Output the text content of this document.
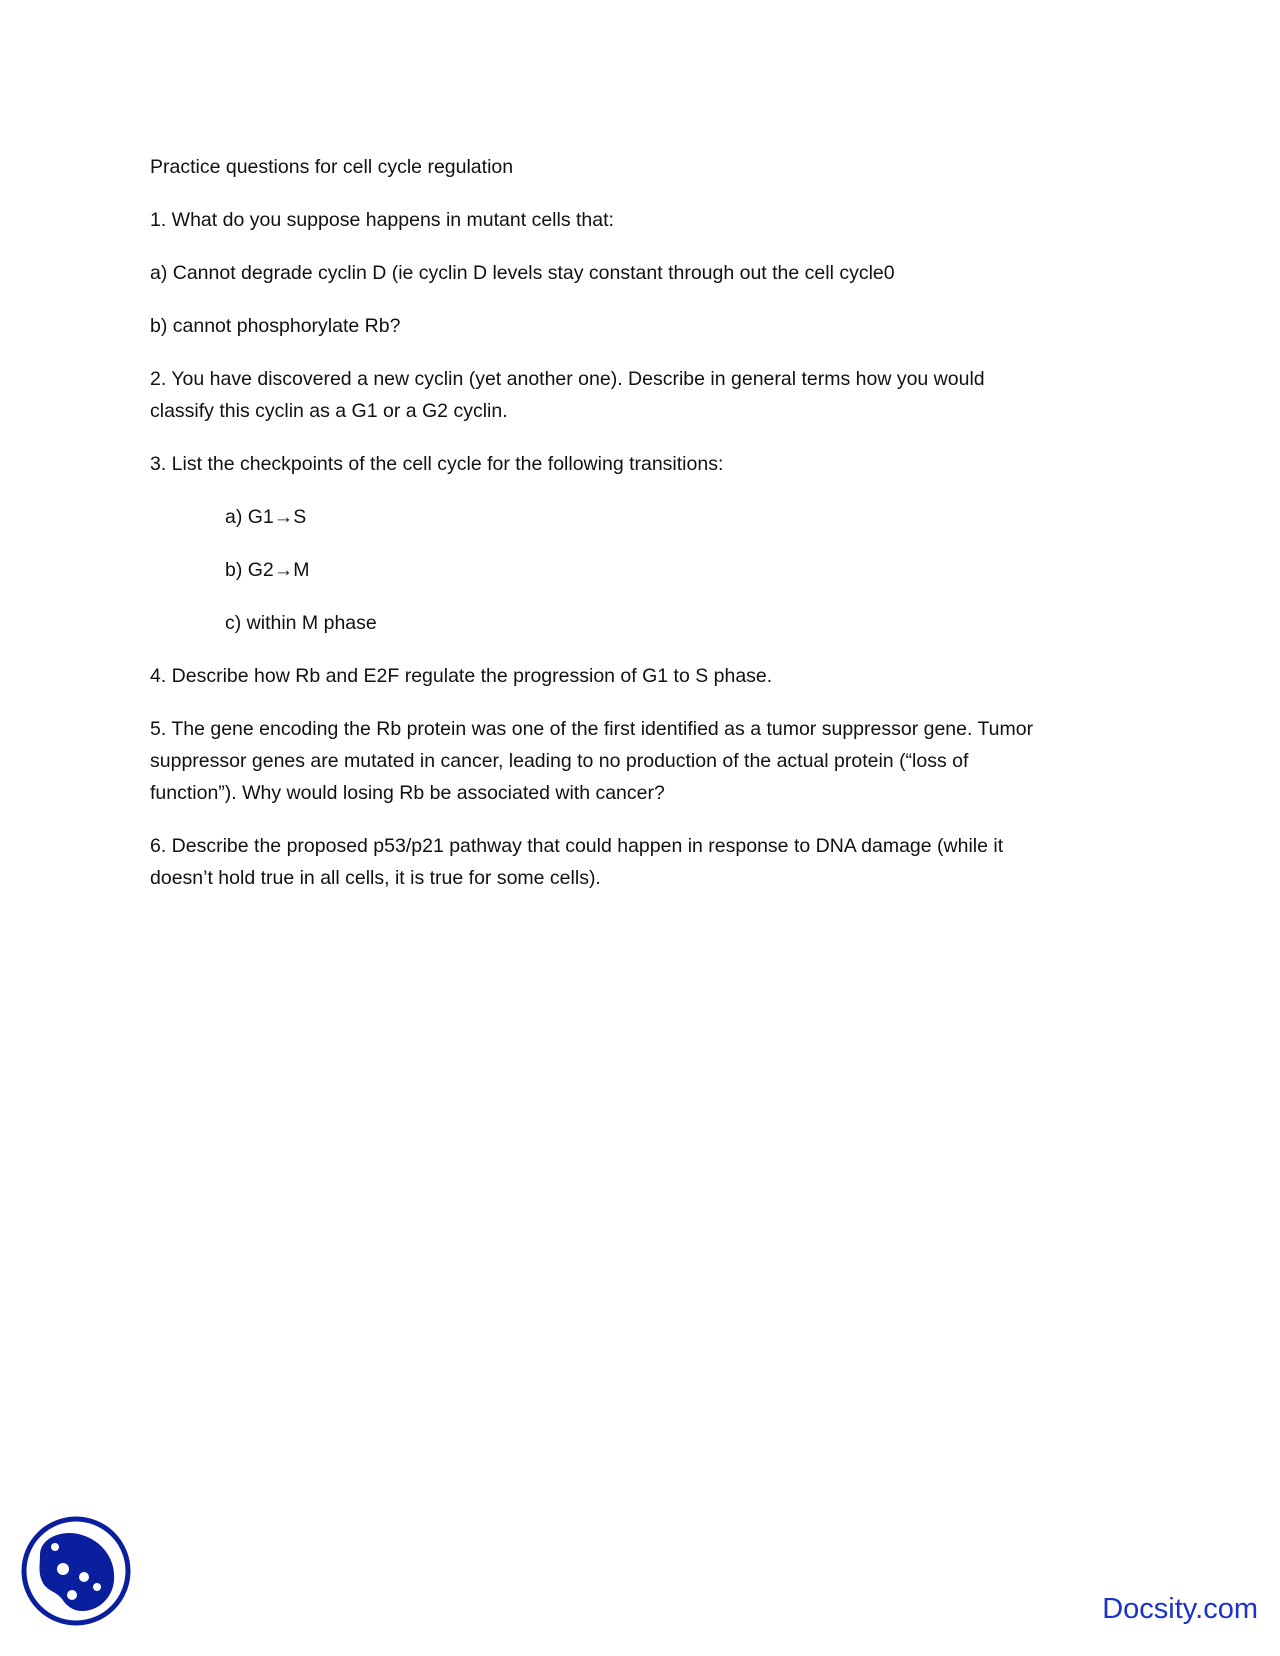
Practice questions for cell cycle regulation

1. What do you suppose happens in mutant cells that:

a) Cannot degrade cyclin D (ie cyclin D levels stay constant through out the cell cycle0

b) cannot phosphorylate Rb?

2. You have discovered a new cyclin (yet another one). Describe in general terms how you would
classify this cyclin as a G1 or a G2 cyclin.

3. List the checkpoints of the cell cycle for the following transitions:

a) G1→S

b) G2→M

c) within M phase

4. Describe how Rb and E2F regulate the progression of G1 to S phase.

5. The gene encoding the Rb protein was one of the first identified as a tumor suppressor gene. Tumor
suppressor genes are mutated in cancer, leading to no production of the actual protein (“loss of
function”). Why would losing Rb be associated with cancer?

6. Describe the proposed p53/p21 pathway that could happen in response to DNA damage (while it
doesn’t hold true in all cells, it is true for some cells).

Docsity.com
